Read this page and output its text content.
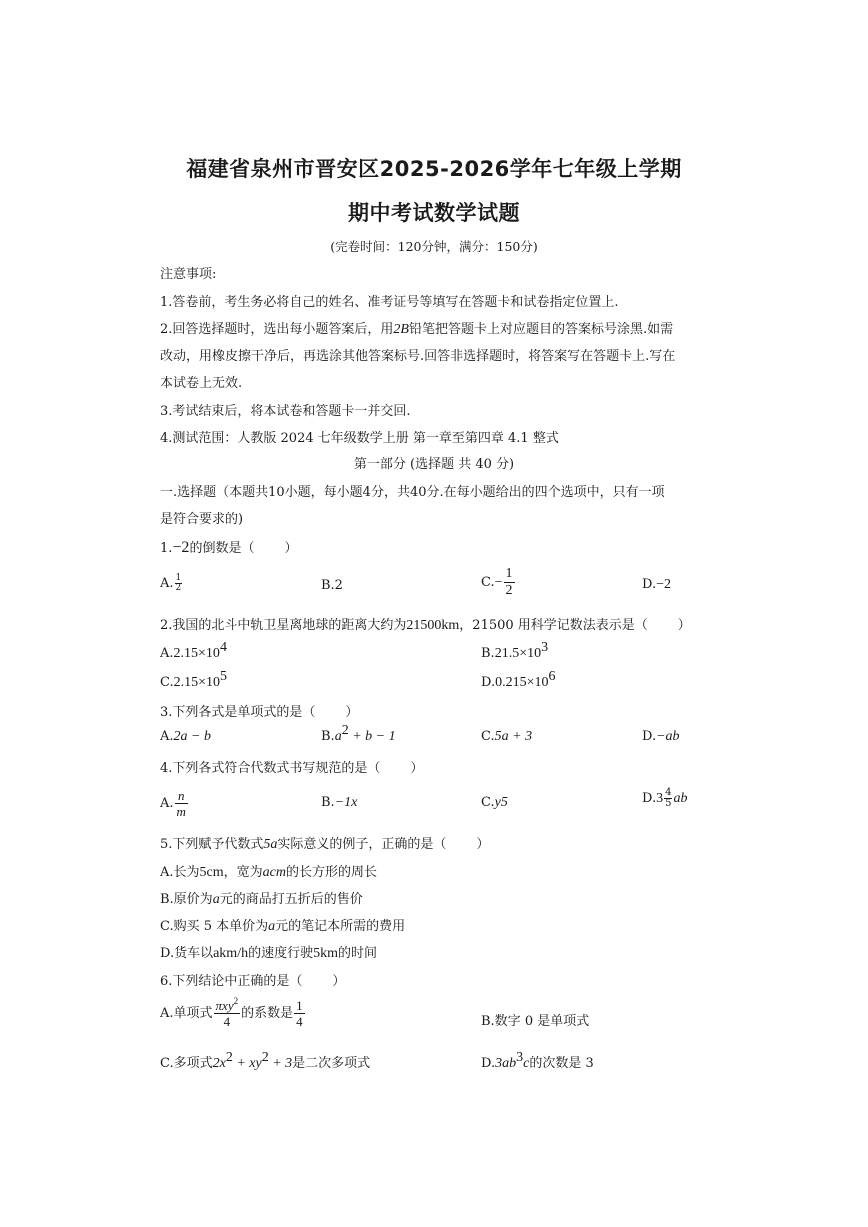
福建省泉州市晋安区2025-2026学年七年级上学期
期中考试数学试题
(完卷时间：120分钟，满分：150分)
注意事项:
1.答卷前，考生务必将自己的姓名、准考证号等填写在答题卡和试卷指定位置上.
2.回答选择题时，选出每小题答案后，用2B铅笔把答题卡上对应题目的答案标号涂黑.如需
改动，用橡皮擦干净后，再选涂其他答案标号.回答非选择题时，将答案写在答题卡上.写在
本试卷上无效.
3.考试结束后，将本试卷和答题卡一并交回.
4.测试范围：人教版 2024 七年级数学上册 第一章至第四章 4.1 整式
第一部分 (选择题 共 40 分)
一.选择题（本题共10小题，每小题4分，共40分.在每小题给出的四个选项中，只有一项
是符合要求的)
1.−2的倒数是（ ）
A. $\frac{1}{2}$	B.2	$C.- \frac{1}{2}$	D.−2
2.我国的北斗中轨卫星离地球的距离大约为21500km，21500 用科学记数法表示是（ ）
$A.2.15\times 10^4$	$B.21.5\times 10^3$
$C.2.15\times 10^5$	$D.0.215\times 10^6$
3.下列各式是单项式的是（ ）
A.2a − b	$B.a^2 + b - 1$	C.5a + 3	D.−ab
4.下列各式符合代数式书写规范的是（ ）
A. $\frac{n}{m}$	B.−1x	C.y5	$D.3 \frac{4}{5}$ ab
5.下列赋予代数式5a实际意义的例子，正确的是（ ）
A.长为5cm，宽为acm的长方形的周长
B.原价为a元的商品打五折后的售价
C.购买 5 本单价为a元的笔记本所需的费用
D.货车以akm/h的速度行驶5km的时间
6.下列结论中正确的是（ ）
A.单项式 $\frac{\pi xy^2}{4}$ 的系数是 $\frac{1}{4}$	B.数字 0 是单项式
C.多项式$2x^2 + xy^2 + 3$是二次多项式	$D.3ab^3c$的次数是 3
